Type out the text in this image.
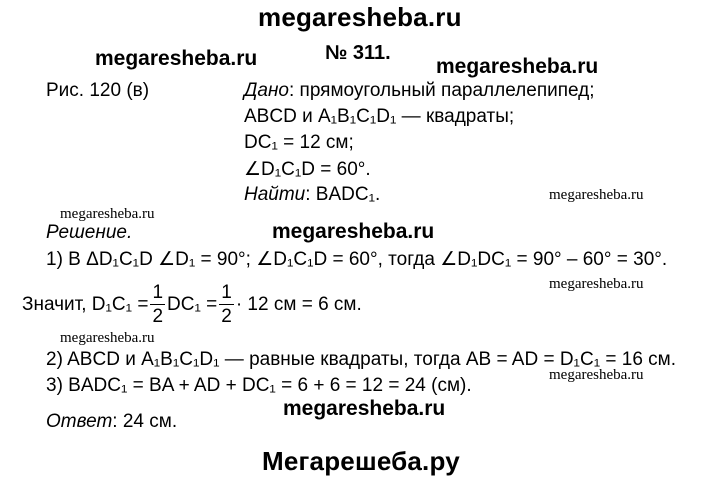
megaresheba.ru
megaresheba.ru	megaresheba.ru
megaresheba.ru
megaresheba.ru
megaresheba.ru
megaresheba.ru
megaresheba.ru
megaresheba.ru
megaresheba.ru
Мегарешеба.ру
№ 311.
Рис. 120 (в)	Дано: прямоугольный параллелепипед;
ABCD и A₁B₁C₁D₁ — квадраты;
DC₁ = 12 см;
∠D₁C₁D = 60°.
Найти: BADC₁.
Решение.
1) В ΔD₁C₁D ∠D₁ = 90°; ∠D₁C₁D = 60°, тогда ∠D₁DC₁ = 90° – 60° = 30°.
Значит, $D_1C_1 = \frac{1}{2} DC_1 = \frac{1}{2} \cdot 12$ см = 6 см.
2) ABCD и A₁B₁C₁D₁ — равные квадраты, тогда AB = AD = D₁C₁ = 16 см.
3) BADC₁ = BA + AD + DC₁ = 6 + 6 = 12 = 24 (см).
Ответ: 24 см.
